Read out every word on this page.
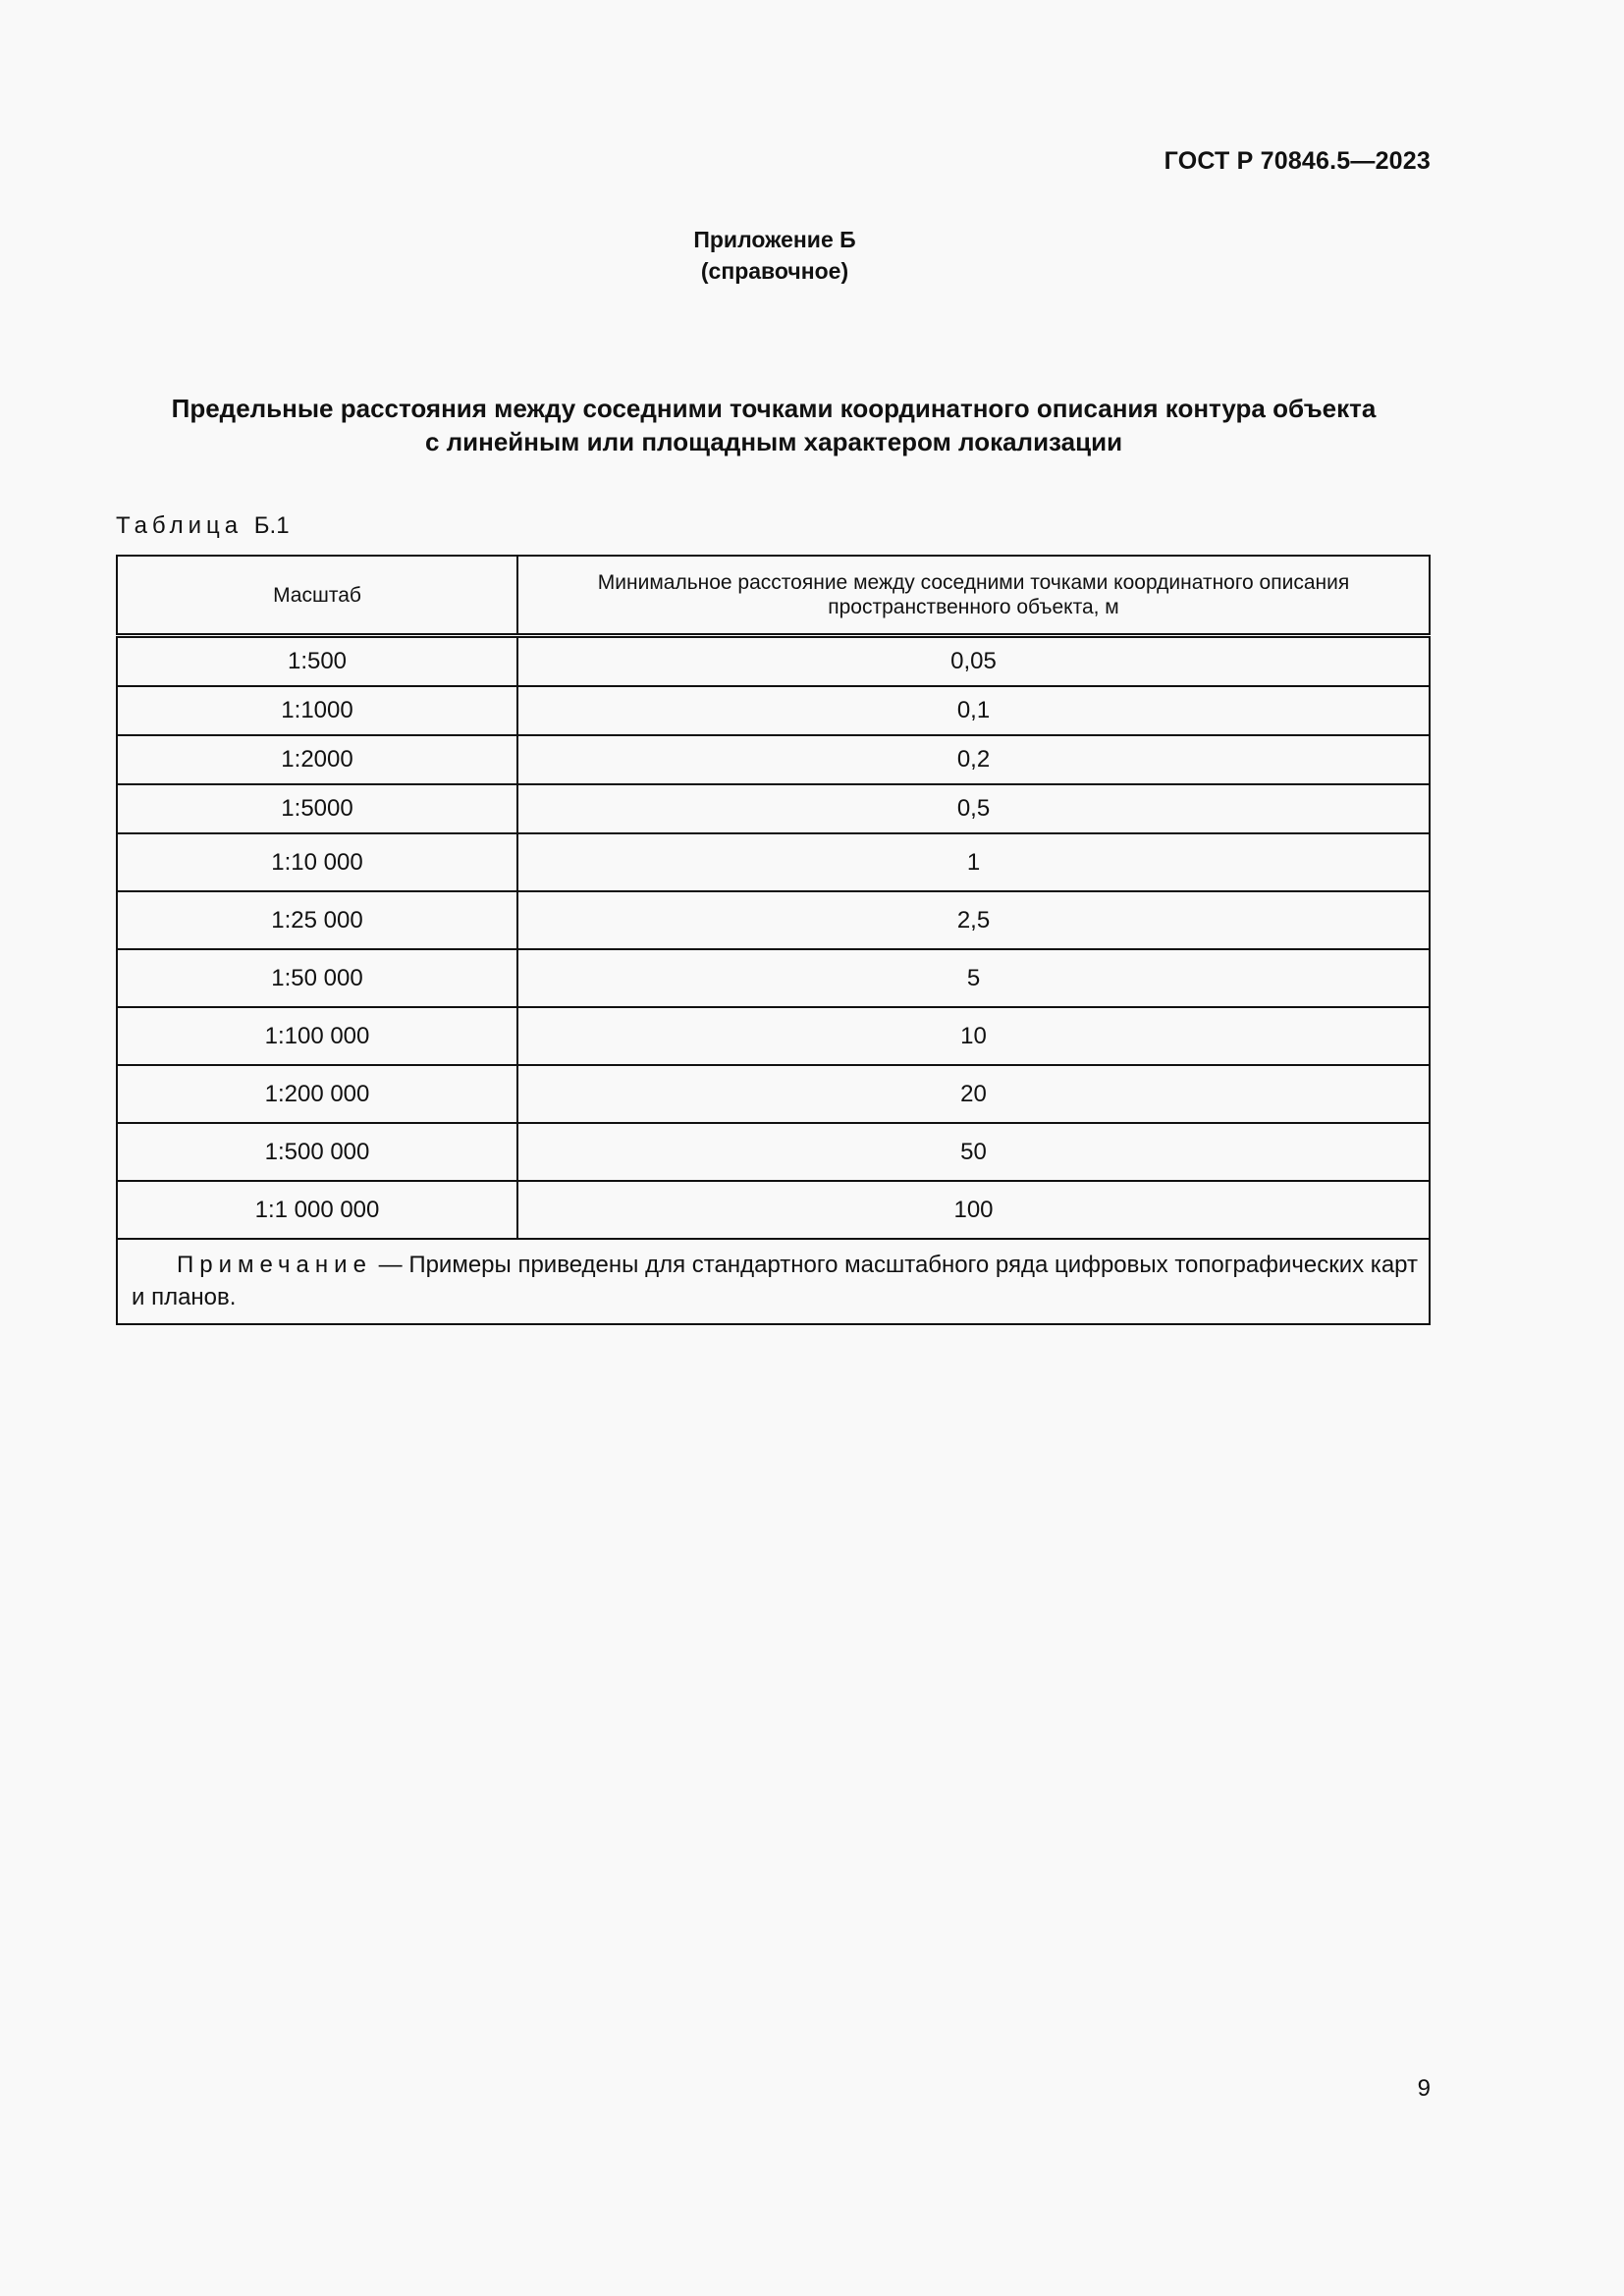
ГОСТ Р 70846.5—2023
Приложение Б
(справочное)
Предельные расстояния между соседними точками координатного описания контура объекта
с линейным или площадным характером локализации
Таблица Б.1
Масштаб	Минимальное расстояние между соседними точками координатного описания пространственного объекта, м

1:500	0,05
1:1000	0,1
1:2000	0,2
1:5000	0,5
1:10 000	1
1:25 000	2,5
1:50 000	5
1:100 000	10
1:200 000	20
1:500 000	50
1:1 000 000	100
Примечание — Примеры приведены для стандартного масштабного ряда цифровых топографических карт и планов.	
9
